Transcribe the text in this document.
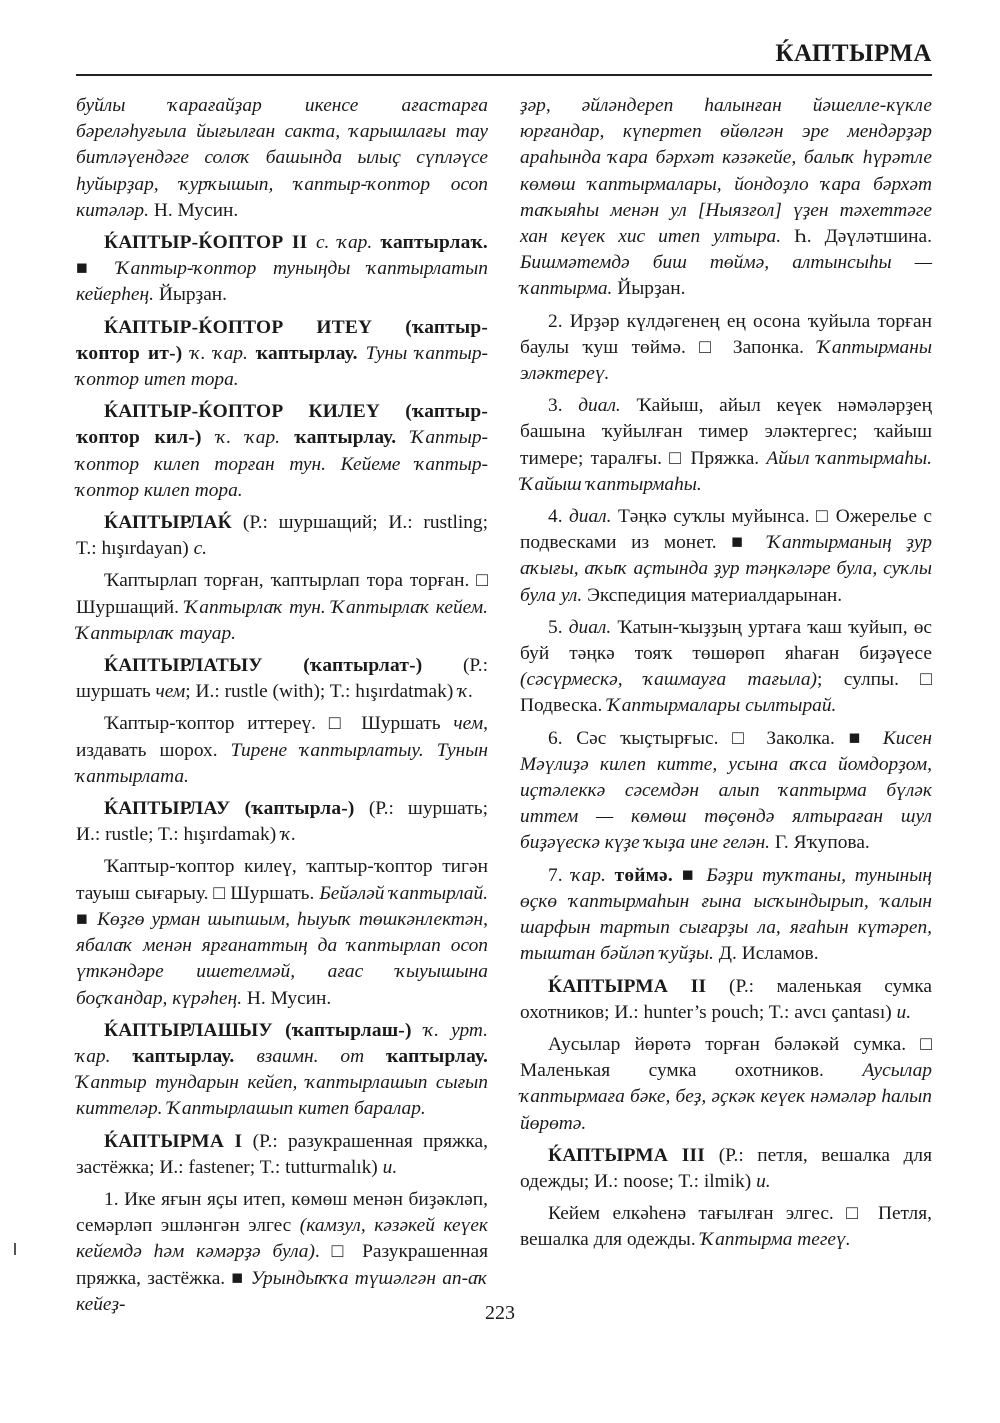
ЌАПТЫРМА

буйлы ҡарағайҙар икенсе ағастарға бәреләһуғыла йығылған сакта, ҡарышлағы тау битләүендәге солоҡ башында ылыҫ сүпләүсе һуйырҙар, ҡурҡышып, ҡаптыр-ҡоптор осоп китәләр. Н. Мусин.

ЌАПТЫР-ЌОПТОР II с. ҡар. ҡаптырлаҡ. ■ Ҡаптыр-ҡоптор туныңды ҡаптырлатып кейерһең. Йырҙан.

ЌАПТЫР-ЌОПТОР ИТЕҮ (ҡаптыр-ҡоптор ит-) ҡ. ҡар. ҡаптырлау. Туны ҡаптыр-ҡоптор итеп тора.

ЌАПТЫР-ЌОПТОР КИЛЕҮ (ҡаптыр-ҡоптор кил-) ҡ. ҡар. ҡаптырлау. Ҡаптыр-ҡоптор килеп торған тун. Кейеме ҡаптыр-ҡоптор килеп тора.

ЌАПТЫРЛАЌ (Р.: шуршащий; И.: rustling; T.: hışırdayan) с.

Ҡаптырлап торған, ҡаптырлап тора торған. □ Шуршащий. Ҡаптырлаҡ тун. Ҡаптырлаҡ кейем. Ҡаптырлаҡ тауар.

ЌАПТЫРЛАТЫУ (ҡаптырлат-) (Р.: шуршать чем; И.: rustle (with); T.: hışırdatmak) ҡ.

Ҡаптыр-ҡоптор иттереү. □ Шуршать чем, издавать шорох. Тирене ҡаптырлатыу. Тунын ҡаптырлата.

ЌАПТЫРЛАУ (ҡаптырла-) (Р.: шуршать; И.: rustle; T.: hışırdamak) ҡ.

Ҡаптыр-ҡоптор килеү, ҡаптыр-ҡоптор тигән тауыш сығарыу. □ Шуршать. Бейәләй ҡаптырлай. ■ Көҙгө урман шыпшым, һыуыҡ төшкәнлектән, ябалаҡ менән ярғанаттың да ҡаптырлап осоп үткәндәре ишетелмәй, ағас ҡыуышына боҫҡандар, күрәһең. Н. Мусин.

ЌАПТЫРЛАШЫУ (ҡаптырлаш-) ҡ. урт. ҡар. ҡаптырлау. взаимн. от ҡаптырлау. Ҡаптыр тундарын кейеп, ҡаптырлашып сығып киттеләр. Ҡаптырлашып китеп баралар.

ЌАПТЫРМА I (Р.: разукрашенная пряжка, застёжка; И.: fastener; T.: tutturmalık) и.

1. Ике яғын яҫы итеп, көмөш менән биҙәкләп, семәрләп эшләнгән элгес (камзул, кәзәкей кеүек кейемдә һәм кәмәрҙә була). □ Разукрашенная пряжка, застёжка. ■ Урындыҡҡа түшәлгән ап-аҡ кейеҙ-

ҙәр, әйләндереп һалынған йәшелле-күкле юрғандар, күпертеп өйөлгән эре мендәрҙәр араһында ҡара бәрхәт кәзәкейе, балыҡ һүрәтле көмөш ҡаптырмалары, йондоҙло ҡара бәрхәт таҡыяһы менән ул [Ныязғол] үҙен тәхеттәге хан кеүек хис итеп ултыра. Һ. Дәүләтшина. Бишмәтемдә биш төймә, алтынсыһы — ҡаптырма. Йырҙан.

2. Ирҙәр күлдәгенең ең осона ҡуйыла торған баулы ҡуш төймә. □ Запонка. Ҡаптырманы эләктереү.

3. диал. Ҡайыш, айыл кеүек нәмәләрҙең башына ҡуйылған тимер эләктергес; ҡайыш тимере; таралғы. □ Пряжка. Айыл ҡаптырмаһы. Ҡайыш ҡаптырмаһы.

4. диал. Тәңкә суҡлы муйынса. □ Ожерелье с подвесками из монет. ■ Ҡаптырманың ҙур аҡығы, аҡыҡ аҫтында ҙур тәңкәләре була, суҡлы була ул. Экспедиция материалдарынан.

5. диал. Ҡатын-ҡыҙҙың уртаға ҡаш ҡуйып, өс буй тәңкә тояҡ төшөрөп яһаған биҙәүесе (сәсүрмескә, ҡашмауға тағыла); сулпы. □ Подвеска. Ҡаптырмалары сылтырай.

6. Сәс ҡыҫтырғыс. □ Заколка. ■ Кисен Мәүлиҙә килеп китте, усына аҡса йомдорҙом, иҫтәлеккә сәсемдән алып ҡаптырма бүләк иттем — көмөш төҫөндә ялтыраған шул биҙәүескә күҙе ҡыҙа ине гелән. Г. Яҡупова.

7. ҡар. төймә. ■ Бәҙри туҡтаны, тунының өҫкө ҡаптырмаһын ғына ысҡындырып, ҡалын шарфын тартып сығарҙы ла, яғаһын күтәреп, тыштан бәйләп ҡуйҙы. Д. Исламов.

ЌАПТЫРМА II (Р.: маленькая сумка охотников; И.: hunter’s pouch; T.: avcı çantası) и.

Аусылар йөрөтә торған бәләкәй сумка. □ Маленькая сумка охотников. Аусылар ҡаптырмаға бәке, беҙ, әҫкәк кеүек нәмәләр һалып йөрөтә.

ЌАПТЫРМА III (Р.: петля, вешалка для одежды; И.: noose; T.: ilmik) и.

Кейем елкәһенә тағылған элгес. □ Петля, вешалка для одежды. Ҡаптырма тегеү.

223
